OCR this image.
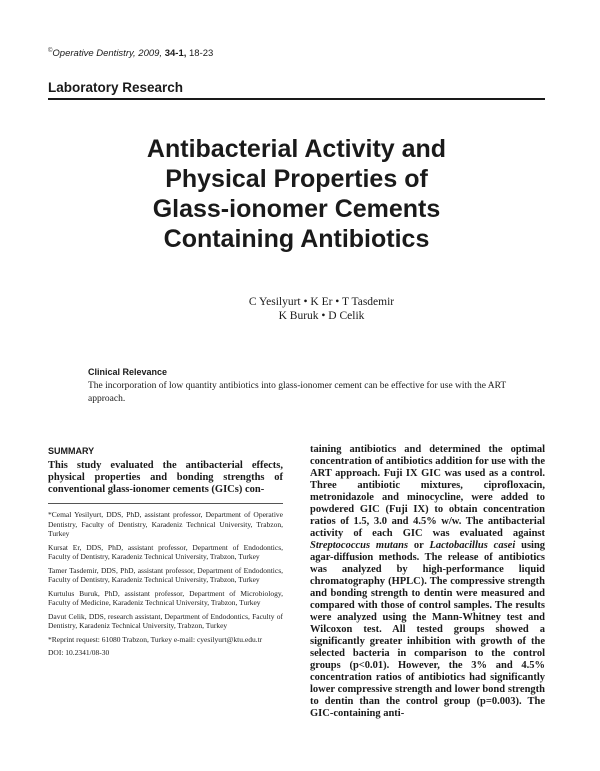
©Operative Dentistry, 2009, 34-1, 18-23
Laboratory Research
Antibacterial Activity and
Physical Properties of
Glass-ionomer Cements
Containing Antibiotics
C Yesilyurt • K Er • T Tasdemir
K Buruk • D Celik
Clinical Relevance
The incorporation of low quantity antibiotics into glass-ionomer cement can be effective for use with the ART approach.
SUMMARY
This study evaluated the antibacterial effects, physical properties and bonding strengths of conventional glass-ionomer cements (GICs) con-
*Cemal Yesilyurt, DDS, PhD, assistant professor, Department of Operative Dentistry, Faculty of Dentistry, Karadeniz Technical University, Trabzon, Turkey
Kursat Er, DDS, PhD, assistant professor, Department of Endodontics, Faculty of Dentistry, Karadeniz Technical University, Trabzon, Turkey
Tamer Tasdemir, DDS, PhD, assistant professor, Department of Endodontics, Faculty of Dentistry, Karadeniz Technical University, Trabzon, Turkey
Kurtulus Buruk, PhD, assistant professor, Department of Microbiology, Faculty of Medicine, Karadeniz Technical University, Trabzon, Turkey
Davut Celik, DDS, research assistant, Department of Endodontics, Faculty of Dentistry, Karadeniz Technical University, Trabzon, Turkey
*Reprint request: 61080 Trabzon, Turkey e-mail: cyesilyurt@ktu.edu.tr
DOI: 10.2341/08-30

taining antibiotics and determined the optimal concentration of antibiotics addition for use with the ART approach. Fuji IX GIC was used as a control. Three antibiotic mixtures, ciprofloxacin, metronidazole and minocycline, were added to powdered GIC (Fuji IX) to obtain concentration ratios of 1.5, 3.0 and 4.5% w/w. The antibacterial activity of each GIC was evaluated against Streptococcus mutans or Lactobacillus casei using agar-diffusion methods. The release of antibiotics was analyzed by high-performance liquid chromatography (HPLC). The compressive strength and bonding strength to dentin were measured and compared with those of control samples. The results were analyzed using the Mann-Whitney test and Wilcoxon test. All tested groups showed a significantly greater inhibition with growth of the selected bacteria in comparison to the control groups (p<0.01). However, the 3% and 4.5% concentration ratios of antibiotics had significantly lower compressive strength and lower bond strength to dentin than the control group (p=0.003). The GIC-containing anti-
